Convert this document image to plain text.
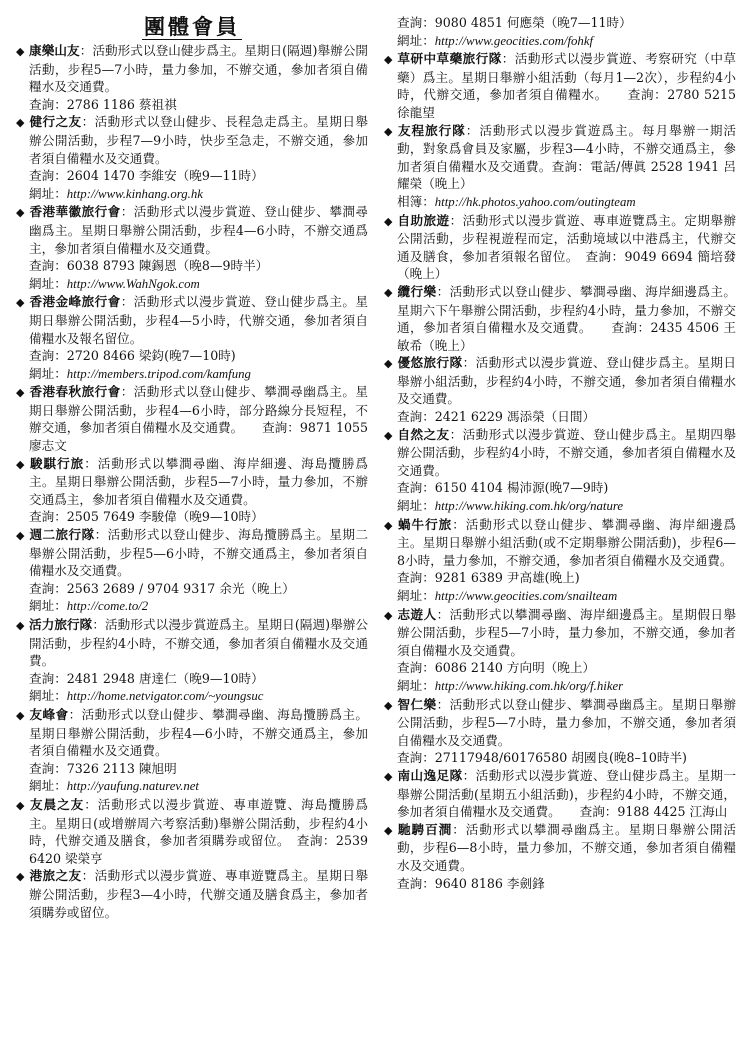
團體會員

◆ 康樂山友：活動形式以登山健步爲主。星期日(隔週)舉辦公開活動，步程5—7小時，量力參加，不辦交通，參加者須自備糧水及交通費。

查詢：2786 1186 蔡祖祺

◆ 健行之友：活動形式以登山健步、長程急走爲主。星期日舉辦公開活動，步程7—9小時，快步至急走，不辦交通，參加者須自備糧水及交通費。

查詢：2604 1470 李維安（晚9—11時）

網址：http://www.kinhang.org.hk

◆ 香港華徽旅行會：活動形式以漫步賞遊、登山健步、攀澗尋幽爲主。星期日舉辦公開活動，步程4—6小時，不辦交通爲主，參加者須自備糧水及交通費。

查詢：6038 8793 陳錫恩（晚8—9時半）

網址：http://www.WahNgok.com

◆ 香港金峰旅行會：活動形式以漫步賞遊、登山健步爲主。星期日舉辦公開活動，步程4—5小時，代辦交通，參加者須自備糧水及報名留位。

查詢：2720 8466 梁鈞(晚7—10時)

網址：http://members.tripod.com/kamfung

◆ 香港春秋旅行會：活動形式以登山健步、攀澗尋幽爲主。星期日舉辦公開活動，步程4—6小時，部分路線分長短程，不辦交通，參加者須自備糧水及交通費。　　查詢：9871 1055 廖志文

◆ 駿騏行旅：活動形式以攀澗尋幽、海岸細邊、海島攬勝爲主。星期日舉辦公開活動，步程5—7小時，量力參加，不辦交通爲主，參加者須自備糧水及交通費。

查詢：2505 7649 李駿偉（晚9—10時）

◆ 週二旅行隊：活動形式以登山健步、海島攬勝爲主。星期二舉辦公開活動，步程5—6小時，不辦交通爲主，參加者須自備糧水及交通費。

查詢：2563 2689 / 9704 9317 余光（晚上）

網址：http://come.to/2

◆ 活力旅行隊：活動形式以漫步賞遊爲主。星期日(隔週)舉辦公開活動，步程約4小時，不辦交通，參加者須自備糧水及交通費。

查詢：2481 2948 唐達仁（晚9—10時）

網址：http://home.netvigator.com/~youngsuc

◆ 友峰會：活動形式以登山健步、攀澗尋幽、海島攬勝爲主。星期日舉辦公開活動，步程4—6小時，不辦交通爲主，參加者須自備糧水及交通費。

查詢：7326 2113 陳旭明

網址：http://yaufung.naturev.net

◆ 友晨之友：活動形式以漫步賞遊、專車遊覽、海島攬勝爲主。星期日(或增辦周六考察活動)舉辦公開活動，步程約4小時，代辦交通及膳食，參加者須購券或留位。　查詢：2539 6420 梁榮亨

◆ 港旅之友：活動形式以漫步賞遊、專車遊覽爲主。星期日舉辦公開活動，步程3—4小時，代辦交通及膳食爲主，參加者須購券或留位。

查詢：9080 4851 何應榮（晚7—11時）

網址：http://www.geocities.com/fohkf

◆ 草研中草藥旅行隊：活動形式以漫步賞遊、考察研究（中草藥）爲主。星期日舉辦小組活動（每月1—2次），步程約4小時，代辦交通，參加者須自備糧水。　　查詢：2780 5215 徐龍望

◆ 友程旅行隊：活動形式以漫步賞遊爲主。每月舉辦一期活動，對象爲會員及家屬，步程3—4小時，不辦交通爲主，參加者須自備糧水及交通費。查詢：電話/傳眞 2528 1941 呂耀榮（晚上）

相簿：http://hk.photos.yahoo.com/outingteam

◆ 自助旅遊：活動形式以漫步賞遊、專車遊覽爲主。定期舉辦公開活動，步程視遊程而定，活動境域以中港爲主，代辦交通及膳食，參加者須報名留位。　查詢：9049 6694 簡培發（晚上）

◆ 纜行樂：活動形式以登山健步、攀澗尋幽、海岸細邊爲主。星期六下午舉辦公開活動，步程約4小時，量力參加，不辦交通，參加者須自備糧水及交通費。　　查詢：2435 4506 王敏希（晚上）

◆ 優悠旅行隊：活動形式以漫步賞遊、登山健步爲主。星期日舉辦小組活動，步程約4小時，不辦交通，參加者須自備糧水及交通費。

查詢：2421 6229 馮添榮（日間）

◆ 自然之友：活動形式以漫步賞遊、登山健步爲主。星期四舉辦公開活動，步程約4小時，不辦交通，參加者須自備糧水及交通費。

查詢：6150 4104 楊沛源(晚7—9時)

網址：http://www.hiking.com.hk/org/nature

◆ 蝸牛行旅：活動形式以登山健步、攀澗尋幽、海岸細邊爲主。星期日舉辦小組活動(或不定期舉辦公開活動)，步程6—8小時，量力參加，不辦交通，參加者須自備糧水及交通費。

查詢：9281 6389 尹高雄(晚上)

網址：http://www.geocities.com/snailteam

◆ 志遊人：活動形式以攀澗尋幽、海岸細邊爲主。星期假日舉辦公開活動，步程5—7小時，量力參加，不辦交通，參加者須自備糧水及交通費。

查詢：6086 2140 方向明（晚上）

網址：http://www.hiking.com.hk/org/f.hiker

◆ 智仁樂：活動形式以登山健步、攀澗尋幽爲主。星期日舉辦公開活動，步程5—7小時，量力參加，不辦交通，參加者須自備糧水及交通費。

查詢：27117948/60176580 胡國良(晚8–10時半)

◆ 南山逸足隊：活動形式以漫步賞遊、登山健步爲主。星期一舉辦公開活動(星期五小組活動)，步程約4小時，不辦交通，參加者須自備糧水及交通費。　　查詢：9188 4425 江海山

◆ 馳騁百澗：活動形式以攀澗尋幽爲主。星期日舉辦公開活動，步程6—8小時，量力參加，不辦交通，參加者須自備糧水及交通費。

查詢：9640 8186 李劍鋒
